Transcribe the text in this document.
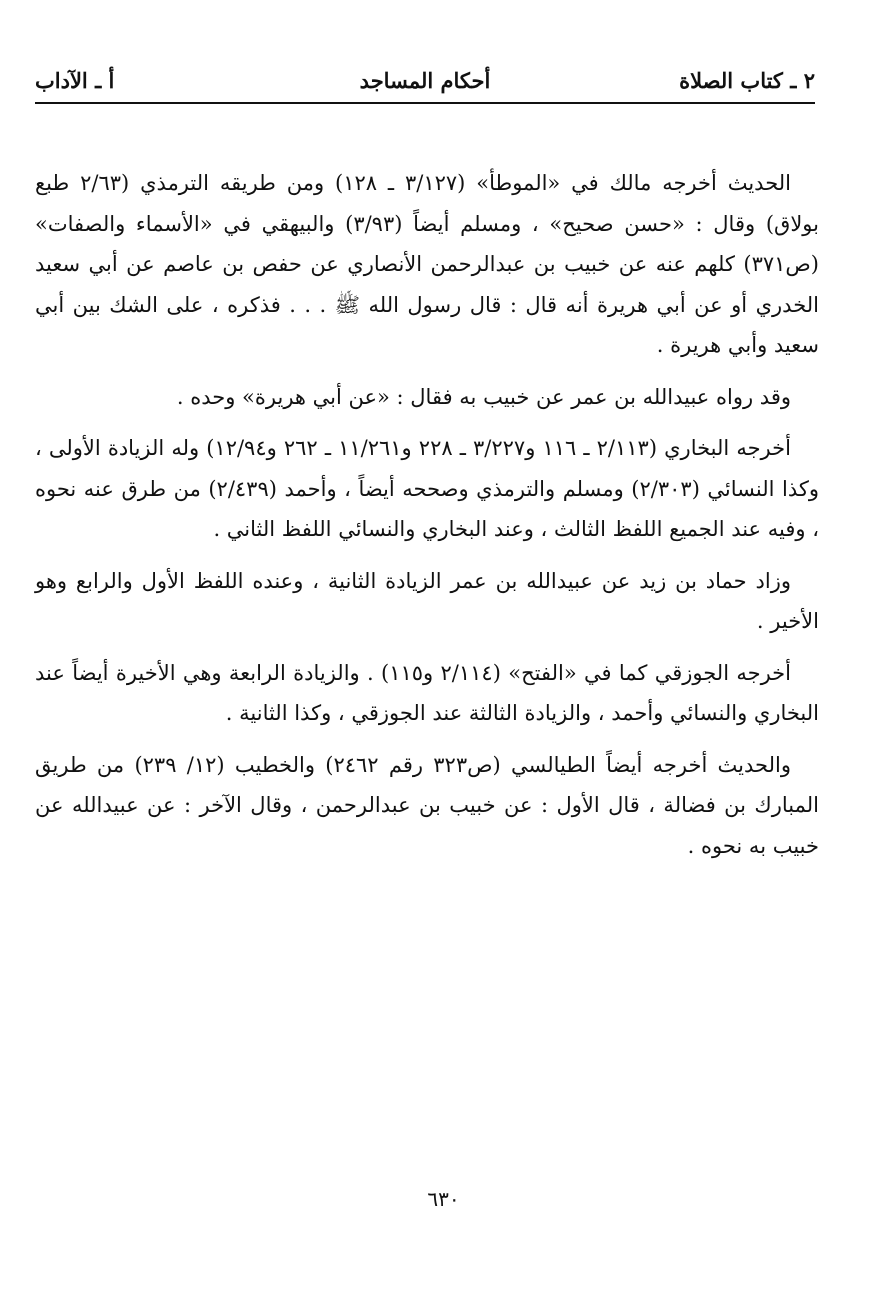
٢ ـ كتاب الصلاة
أحكام المساجد
أ ـ الآداب

الحديث أخرجه مالك في «الموطأ» (٣/١٢٧ ـ ١٢٨) ومن طريقه الترمذي (٢/٦٣ طبع بولاق) وقال : «حسن صحيح» ، ومسلم أيضاً (٣/٩٣) والبيهقي في «الأسماء والصفات» (ص٣٧١) كلهم عنه عن خبيب بن عبدالرحمن الأنصاري عن حفص بن عاصم عن أبي سعيد الخدري أو عن أبي هريرة أنه قال : قال رسول الله ﷺ . . . فذكره ، على الشك بين أبي سعيد وأبي هريرة .

وقد رواه عبيدالله بن عمر عن خبيب به فقال : «عن أبي هريرة» وحده .

أخرجه البخاري (٢/١١٣ ـ ١١٦ و٣/٢٢٧ ـ ٢٢٨ و١١/٢٦١ ـ ٢٦٢ و١٢/٩٤) وله الزيادة الأولى ، وكذا النسائي (٢/٣٠٣) ومسلم والترمذي وصححه أيضاً ، وأحمد (٢/٤٣٩) من طرق عنه نحوه ، وفيه عند الجميع اللفظ الثالث ، وعند البخاري والنسائي اللفظ الثاني .

وزاد حماد بن زيد عن عبيدالله بن عمر الزيادة الثانية ، وعنده اللفظ الأول والرابع وهو الأخير .

أخرجه الجوزقي كما في «الفتح» (٢/١١٤ و١١٥) . والزيادة الرابعة وهي الأخيرة أيضاً عند البخاري والنسائي وأحمد ، والزيادة الثالثة عند الجوزقي ، وكذا الثانية .

والحديث أخرجه أيضاً الطيالسي (ص٣٢٣ رقم ٢٤٦٢) والخطيب (١٢/ ٢٣٩) من طريق المبارك بن فضالة ، قال الأول : عن خبيب بن عبدالرحمن ، وقال الآخر : عن عبيدالله عن خبيب به نحوه .

٦٣٠
